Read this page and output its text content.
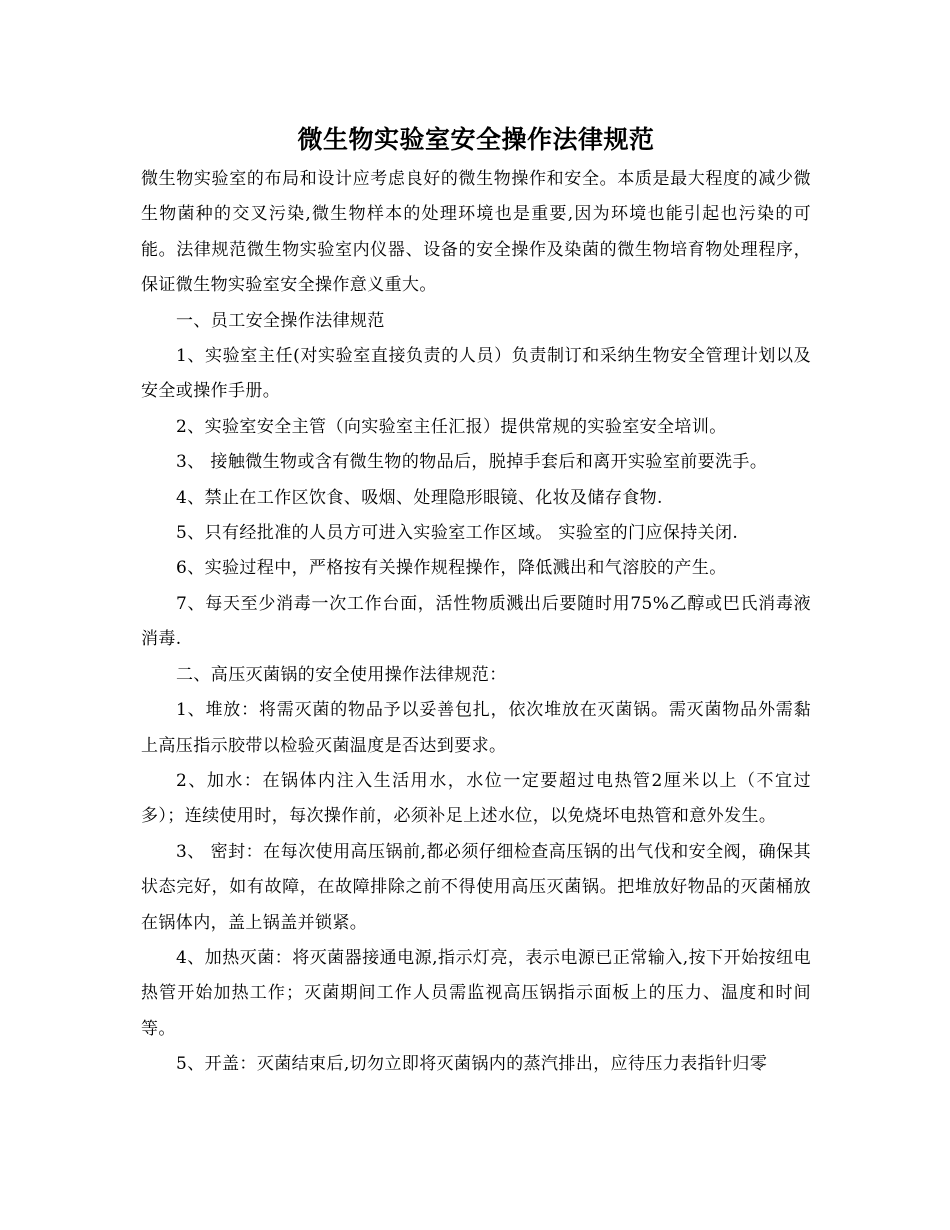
微生物实验室安全操作法律规范

微生物实验室的布局和设计应考虑良好的微生物操作和安全。本质是最大程度的减少微生物菌种的交叉污染,微生物样本的处理环境也是重要,因为环境也能引起也污染的可能。法律规范微生物实验室内仪器、设备的安全操作及染菌的微生物培育物处理程序，保证微生物实验室安全操作意义重大。

一、员工安全操作法律规范

1、实验室主任(对实验室直接负责的人员）负责制订和采纳生物安全管理计划以及安全或操作手册。

2、实验室安全主管（向实验室主任汇报）提供常规的实验室安全培训。

3、 接触微生物或含有微生物的物品后，脱掉手套后和离开实验室前要洗手。

4、禁止在工作区饮食、吸烟、处理隐形眼镜、化妆及储存食物.

5、只有经批准的人员方可进入实验室工作区域。 实验室的门应保持关闭.

6、实验过程中，严格按有关操作规程操作，降低溅出和气溶胶的产生。

7、每天至少消毒一次工作台面，活性物质溅出后要随时用75%乙醇或巴氏消毒液消毒.

二、高压灭菌锅的安全使用操作法律规范：

1、堆放：将需灭菌的物品予以妥善包扎，依次堆放在灭菌锅。需灭菌物品外需黏上高压指示胶带以检验灭菌温度是否达到要求。

2、加水：在锅体内注入生活用水，水位一定要超过电热管2厘米以上（不宜过多）；连续使用时，每次操作前，必须补足上述水位，以免烧坏电热管和意外发生。

3、 密封：在每次使用高压锅前,都必须仔细检查高压锅的出气伐和安全阀，确保其状态完好，如有故障，在故障排除之前不得使用高压灭菌锅。把堆放好物品的灭菌桶放在锅体内，盖上锅盖并锁紧。

4、加热灭菌：将灭菌器接通电源,指示灯亮，表示电源已正常输入,按下开始按纽电热管开始加热工作；灭菌期间工作人员需监视高压锅指示面板上的压力、温度和时间等。

5、开盖：灭菌结束后,切勿立即将灭菌锅内的蒸汽排出，应待压力表指针归零
